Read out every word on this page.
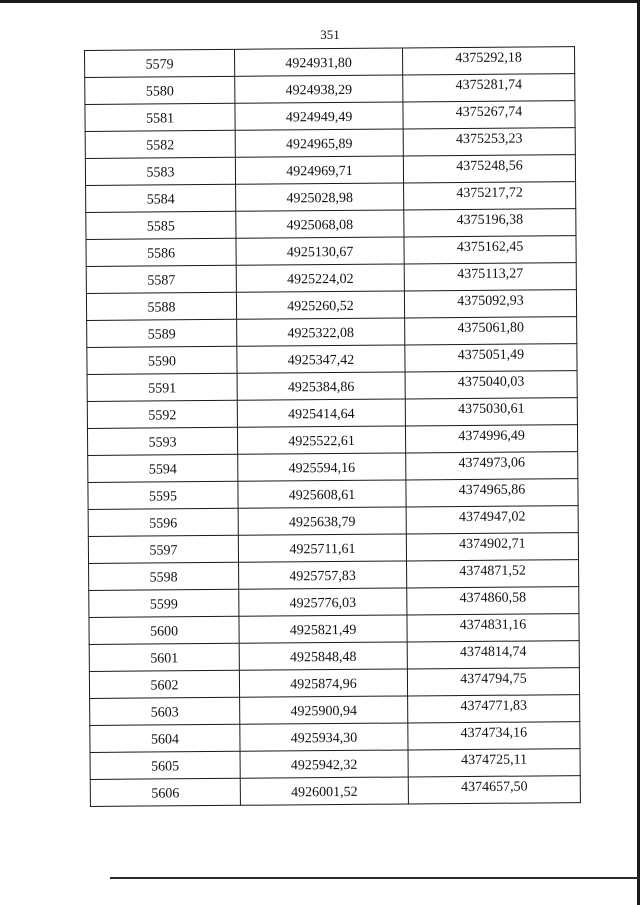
351
5579	4924931,80	4375292,18
5580	4924938,29	4375281,74
5581	4924949,49	4375267,74
5582	4924965,89	4375253,23
5583	4924969,71	4375248,56
5584	4925028,98	4375217,72
5585	4925068,08	4375196,38
5586	4925130,67	4375162,45
5587	4925224,02	4375113,27
5588	4925260,52	4375092,93
5589	4925322,08	4375061,80
5590	4925347,42	4375051,49
5591	4925384,86	4375040,03
5592	4925414,64	4375030,61
5593	4925522,61	4374996,49
5594	4925594,16	4374973,06
5595	4925608,61	4374965,86
5596	4925638,79	4374947,02
5597	4925711,61	4374902,71
5598	4925757,83	4374871,52
5599	4925776,03	4374860,58
5600	4925821,49	4374831,16
5601	4925848,48	4374814,74
5602	4925874,96	4374794,75
5603	4925900,94	4374771,83
5604	4925934,30	4374734,16
5605	4925942,32	4374725,11
5606	4926001,52	4374657,50
